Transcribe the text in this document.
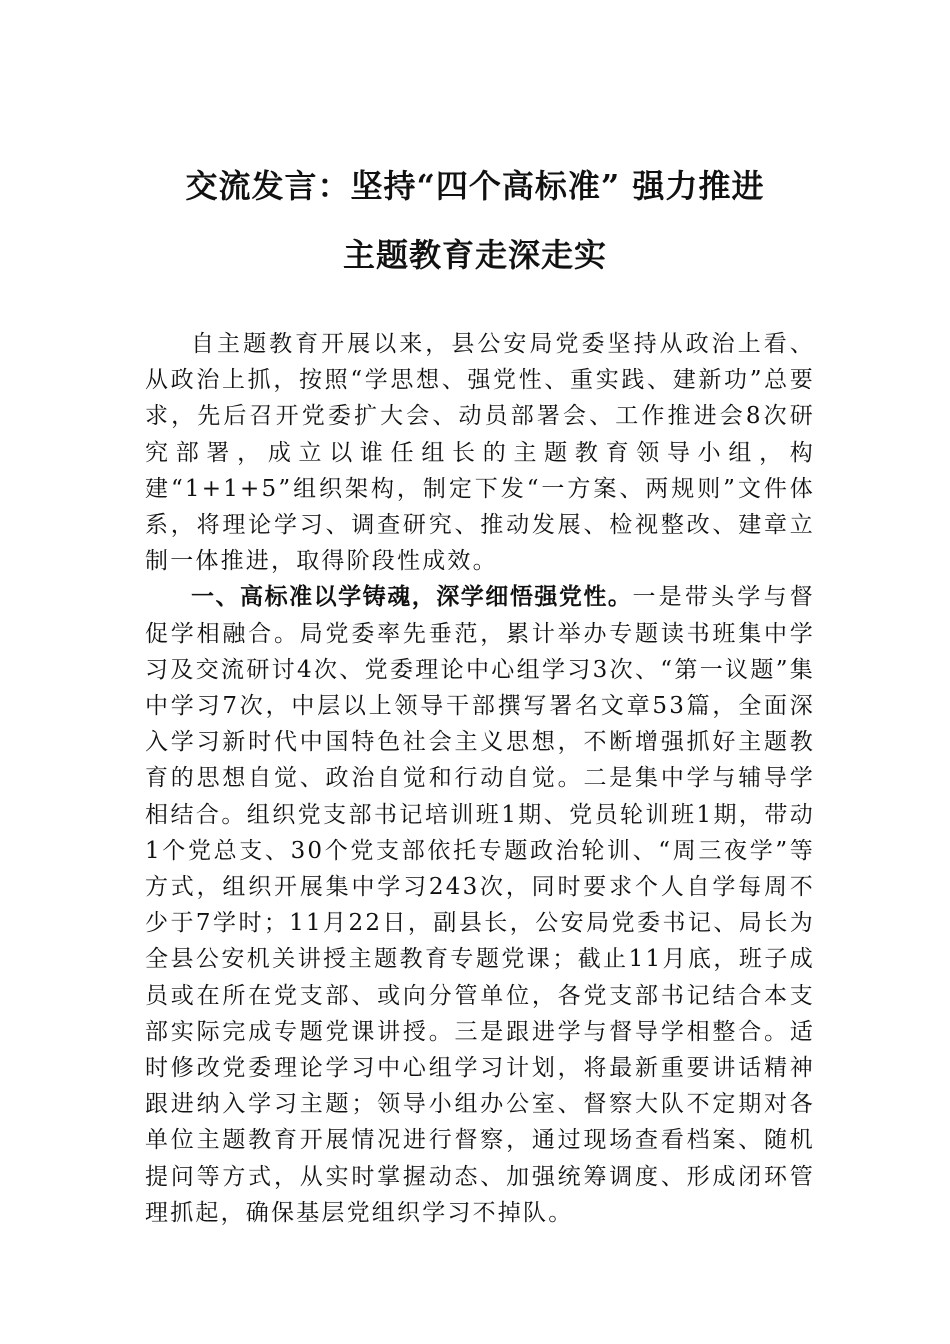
交流发言：坚持“四个高标准” 强力推进
主题教育走深走实

自主题教育开展以来，县公安局党委坚持从政治上看、从政治上抓，按照“学思想、强党性、重实践、建新功”总要求，先后召开党委扩大会、动员部署会、工作推进会8次研究部署，成立以谁任组长的主题教育领导小组，构建“1+1+5”组织架构，制定下发“一方案、两规则”文件体系，将理论学习、调查研究、推动发展、检视整改、建章立制一体推进，取得阶段性成效。

一、高标准以学铸魂，深学细悟强党性。一是带头学与督促学相融合。局党委率先垂范，累计举办专题读书班集中学习及交流研讨4次、党委理论中心组学习3次、“第一议题”集中学习7次，中层以上领导干部撰写署名文章53篇，全面深入学习新时代中国特色社会主义思想，不断增强抓好主题教育的思想自觉、政治自觉和行动自觉。二是集中学与辅导学相结合。组织党支部书记培训班1期、党员轮训班1期，带动1个党总支、30个党支部依托专题政治轮训、“周三夜学”等方式，组织开展集中学习243次，同时要求个人自学每周不少于7学时；11月22日，副县长，公安局党委书记、局长为全县公安机关讲授主题教育专题党课；截止11月底，班子成员或在所在党支部、或向分管单位，各党支部书记结合本支部实际完成专题党课讲授。三是跟进学与督导学相整合。适时修改党委理论学习中心组学习计划，将最新重要讲话精神跟进纳入学习主题；领导小组办公室、督察大队不定期对各单位主题教育开展情况进行督察，通过现场查看档案、随机提问等方式，从实时掌握动态、加强统筹调度、形成闭环管理抓起，确保基层党组织学习不掉队。
